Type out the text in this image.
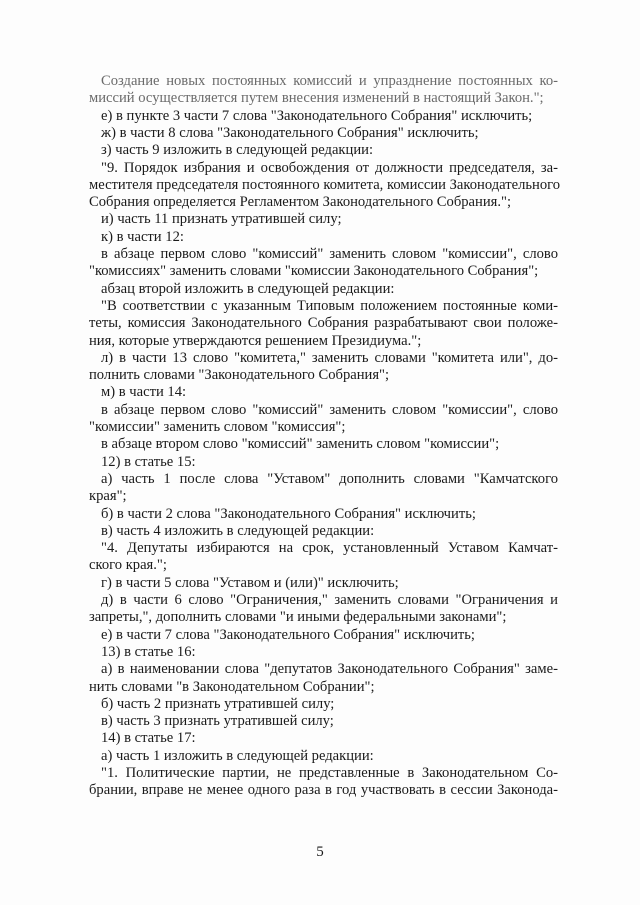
Создание новых постоянных комиссий и упразднение постоянных ко-
миссий осуществляется путем внесения изменений в настоящий Закон.";
е) в пункте 3 части 7 слова "Законодательного Собрания" исключить;
ж) в части 8 слова "Законодательного Собрания" исключить;
з) часть 9 изложить в следующей редакции:
"9. Порядок избрания и освобождения от должности председателя, за-
местителя председателя постоянного комитета, комиссии Законодательного
Собрания определяется Регламентом Законодательного Собрания.";
и) часть 11 признать утратившей силу;
к) в части 12:
в абзаце первом слово "комиссий" заменить словом "комиссии", слово
"комиссиях" заменить словами "комиссии Законодательного Собрания";
абзац второй изложить в следующей редакции:
"В соответствии с указанным Типовым положением постоянные коми-
теты, комиссия Законодательного Собрания разрабатывают свои положе-
ния, которые утверждаются решением Президиума.";
л) в части 13 слово "комитета," заменить словами "комитета или", до-
полнить словами "Законодательного Собрания";
м) в части 14:
в абзаце первом слово "комиссий" заменить словом "комиссии", слово
"комиссии" заменить словом "комиссия";
в абзаце втором слово "комиссий" заменить словом "комиссии";
12) в статье 15:
а) часть 1 после слова "Уставом" дополнить словами "Камчатского
края";
б) в части 2 слова "Законодательного Собрания" исключить;
в) часть 4 изложить в следующей редакции:
"4. Депутаты избираются на срок, установленный Уставом Камчат-
ского края.";
г) в части 5 слова "Уставом и (или)" исключить;
д) в части 6 слово "Ограничения," заменить словами "Ограничения и
запреты,", дополнить словами "и иными федеральными законами";
е) в части 7 слова "Законодательного Собрания" исключить;
13) в статье 16:
а) в наименовании слова "депутатов Законодательного Собрания" заме-
нить словами "в Законодательном Собрании";
б) часть 2 признать утратившей силу;
в) часть 3 признать утратившей силу;
14) в статье 17:
а) часть 1 изложить в следующей редакции:
"1. Политические партии, не представленные в Законодательном Со-
брании, вправе не менее одного раза в год участвовать в сессии Законода-
5
